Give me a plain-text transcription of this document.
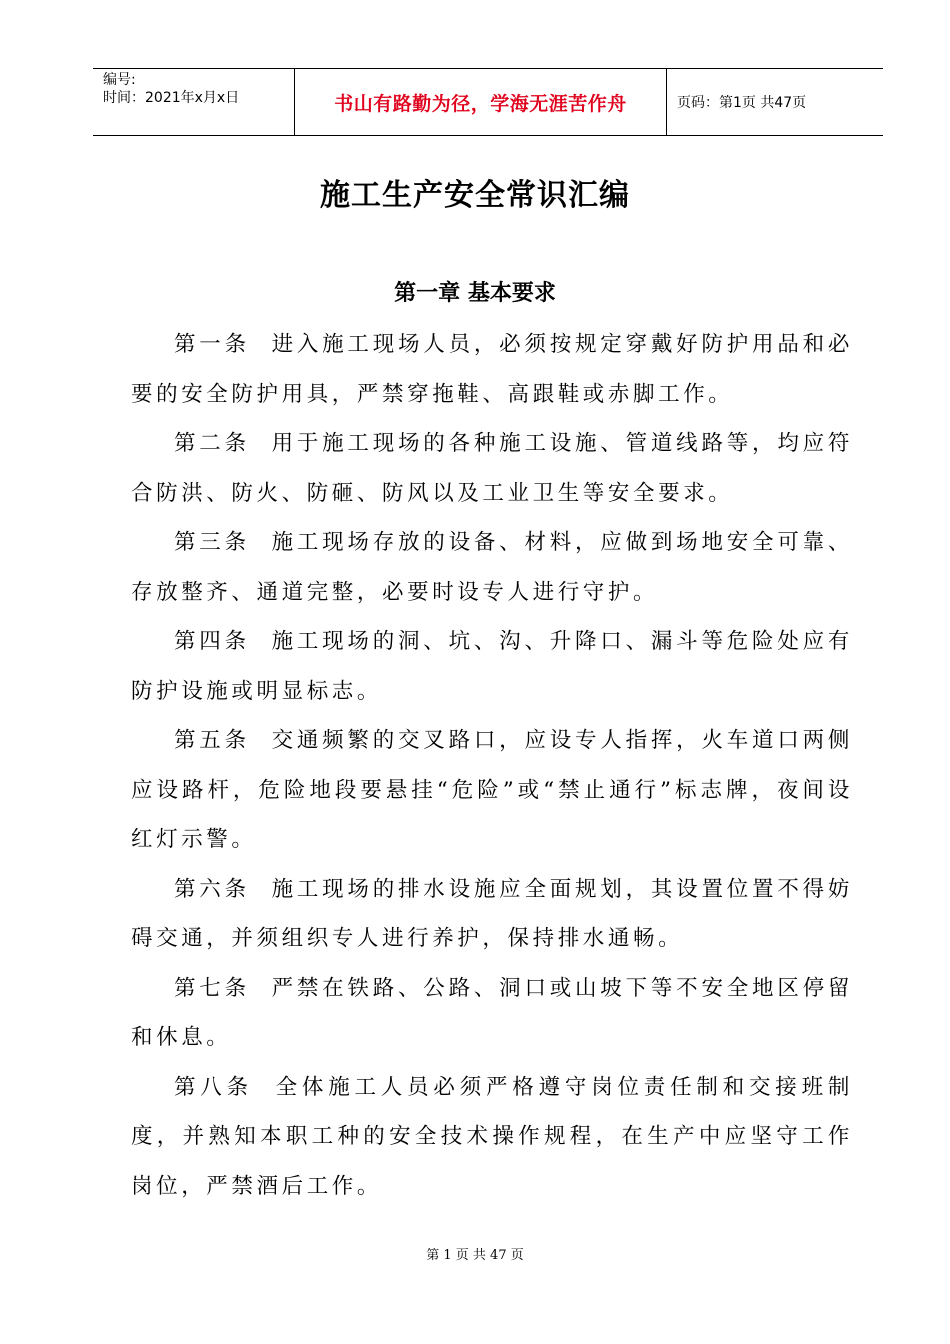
编号:
时间：2021年x月x日	书山有路勤为径，学海无涯苦作舟	页码：第1页 共47页
施工生产安全常识汇编
第一章 基本要求

第一条 进入施工现场人员，必须按规定穿戴好防护用品和必要的安全防护用具，严禁穿拖鞋、高跟鞋或赤脚工作。

第二条 用于施工现场的各种施工设施、管道线路等，均应符合防洪、防火、防砸、防风以及工业卫生等安全要求。

第三条 施工现场存放的设备、材料，应做到场地安全可靠、存放整齐、通道完整，必要时设专人进行守护。

第四条 施工现场的洞、坑、沟、升降口、漏斗等危险处应有防护设施或明显标志。

第五条 交通频繁的交叉路口，应设专人指挥，火车道口两侧应设路杆，危险地段要悬挂“危险”或“禁止通行”标志牌，夜间设红灯示警。

第六条 施工现场的排水设施应全面规划，其设置位置不得妨碍交通，并须组织专人进行养护，保持排水通畅。

第七条 严禁在铁路、公路、洞口或山坡下等不安全地区停留和休息。

第八条 全体施工人员必须严格遵守岗位责任制和交接班制度，并熟知本职工种的安全技术操作规程，在生产中应坚守工作岗位，严禁酒后工作。

第 1 页 共 47 页
